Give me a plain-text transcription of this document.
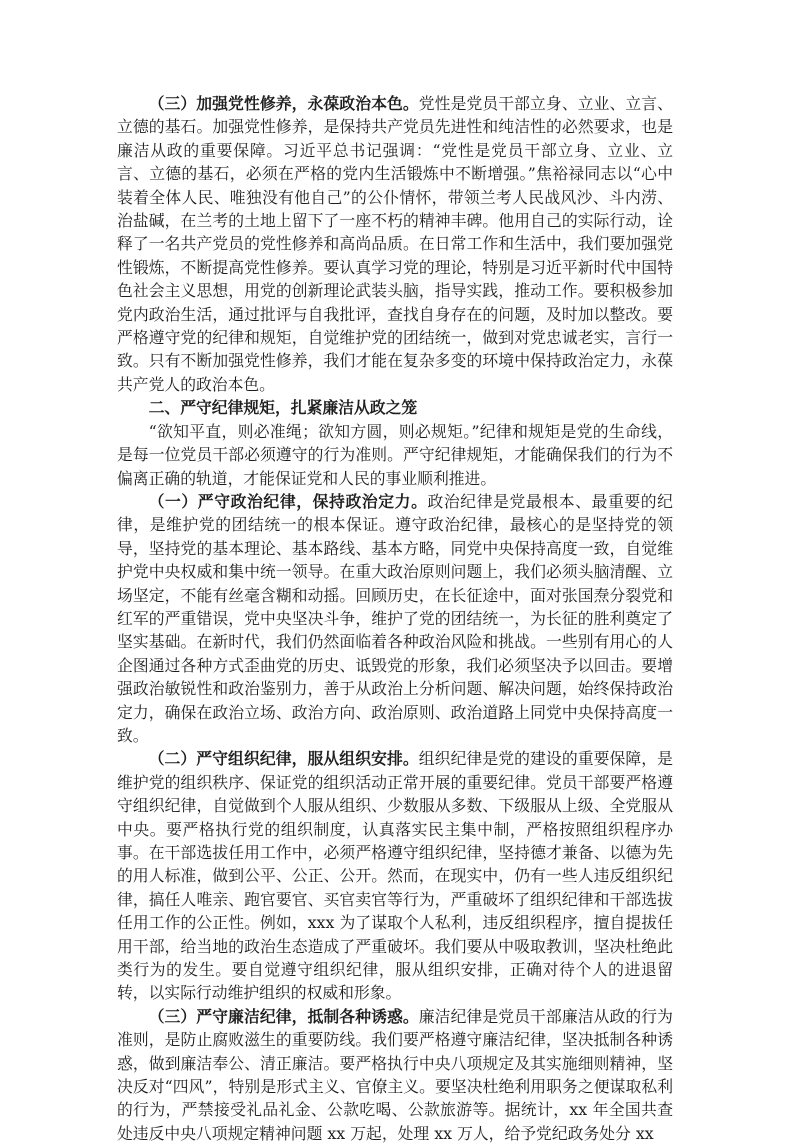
（三）加强党性修养，永葆政治本色。党性是党员干部立身、立业、立言、立德的基石。加强党性修养，是保持共产党员先进性和纯洁性的必然要求，也是廉洁从政的重要保障。习近平总书记强调：“党性是党员干部立身、立业、立言、立德的基石，必须在严格的党内生活锻炼中不断增强。”焦裕禄同志以“心中装着全体人民、唯独没有他自己”的公仆情怀，带领兰考人民战风沙、斗内涝、治盐碱，在兰考的土地上留下了一座不朽的精神丰碑。他用自己的实际行动，诠释了一名共产党员的党性修养和高尚品质。在日常工作和生活中，我们要加强党性锻炼，不断提高党性修养。要认真学习党的理论，特别是习近平新时代中国特色社会主义思想，用党的创新理论武装头脑，指导实践，推动工作。要积极参加党内政治生活，通过批评与自我批评，查找自身存在的问题，及时加以整改。要严格遵守党的纪律和规矩，自觉维护党的团结统一，做到对党忠诚老实，言行一致。只有不断加强党性修养，我们才能在复杂多变的环境中保持政治定力，永葆共产党人的政治本色。

二、严守纪律规矩，扎紧廉洁从政之笼

“欲知平直，则必准绳；欲知方圆，则必规矩。”纪律和规矩是党的生命线，是每一位党员干部必须遵守的行为准则。严守纪律规矩，才能确保我们的行为不偏离正确的轨道，才能保证党和人民的事业顺利推进。

（一）严守政治纪律，保持政治定力。政治纪律是党最根本、最重要的纪律，是维护党的团结统一的根本保证。遵守政治纪律，最核心的是坚持党的领导，坚持党的基本理论、基本路线、基本方略，同党中央保持高度一致，自觉维护党中央权威和集中统一领导。在重大政治原则问题上，我们必须头脑清醒、立场坚定，不能有丝毫含糊和动摇。回顾历史，在长征途中，面对张国焘分裂党和红军的严重错误，党中央坚决斗争，维护了党的团结统一，为长征的胜利奠定了坚实基础。在新时代，我们仍然面临着各种政治风险和挑战。一些别有用心的人企图通过各种方式歪曲党的历史、诋毁党的形象，我们必须坚决予以回击。要增强政治敏锐性和政治鉴别力，善于从政治上分析问题、解决问题，始终保持政治定力，确保在政治立场、政治方向、政治原则、政治道路上同党中央保持高度一致。

（二）严守组织纪律，服从组织安排。组织纪律是党的建设的重要保障，是维护党的组织秩序、保证党的组织活动正常开展的重要纪律。党员干部要严格遵守组织纪律，自觉做到个人服从组织、少数服从多数、下级服从上级、全党服从中央。要严格执行党的组织制度，认真落实民主集中制，严格按照组织程序办事。在干部选拔任用工作中，必须严格遵守组织纪律，坚持德才兼备、以德为先的用人标准，做到公平、公正、公开。然而，在现实中，仍有一些人违反组织纪律，搞任人唯亲、跑官要官、买官卖官等行为，严重破坏了组织纪律和干部选拔任用工作的公正性。例如，xxx 为了谋取个人私利，违反组织程序，擅自提拔任用干部，给当地的政治生态造成了严重破坏。我们要从中吸取教训，坚决杜绝此类行为的发生。要自觉遵守组织纪律，服从组织安排，正确对待个人的进退留转，以实际行动维护组织的权威和形象。

（三）严守廉洁纪律，抵制各种诱惑。廉洁纪律是党员干部廉洁从政的行为准则，是防止腐败滋生的重要防线。我们要严格遵守廉洁纪律，坚决抵制各种诱惑，做到廉洁奉公、清正廉洁。要严格执行中央八项规定及其实施细则精神，坚决反对“四风”，特别是形式主义、官僚主义。要坚决杜绝利用职务之便谋取私利的行为，严禁接受礼品礼金、公款吃喝、公款旅游等。据统计，xx 年全国共查处违反中央八项规定精神问题 xx 万起，处理 xx 万人，给予党纪政务处分 xx
